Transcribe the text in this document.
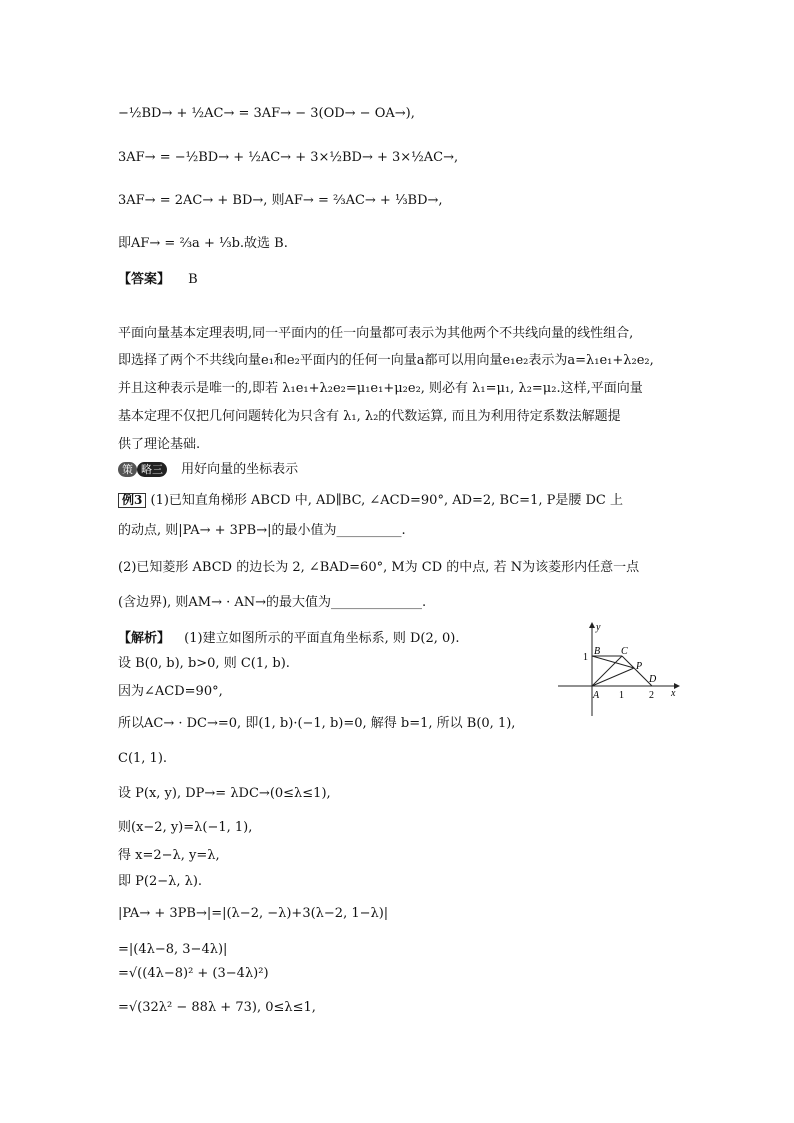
−½BD→ + ½AC→ = 3AF→ − 3(OD→ − OA→),
3AF→ = −½BD→ + ½AC→ + 3×½BD→ + 3×½AC→,
3AF→ = 2AC→ + BD→, 则AF→ = ⅔AC→ + ⅓BD→,
即AF→ = ⅔a + ⅓b.故选 B.
【答案】 B
平面向量基本定理表明,同一平面内的任一向量都可表示为其他两个不共线向量的线性组合,
即选择了两个不共线向量e₁和e₂平面内的任何一向量a都可以用向量e₁e₂表示为a=λ₁e₁+λ₂e₂,
并且这种表示是唯一的,即若 λ₁e₁+λ₂e₂=μ₁e₁+μ₂e₂, 则必有 λ₁=μ₁, λ₂=μ₂.这样,平面向量
基本定理不仅把几何问题转化为只含有 λ₁, λ₂的代数运算, 而且为利用待定系数法解题提
供了理论基础.
策 略三 用好向量的坐标表示
例3 (1)已知直角梯形 ABCD 中, AD∥BC, ∠ACD=90°, AD=2, BC=1, P是腰 DC 上
的动点, 则|PA→ + 3PB→|的最小值为__________.
(2)已知菱形 ABCD 的边长为 2, ∠BAD=60°, M为 CD 的中点, 若 N为该菱形内任意一点
(含边界), 则AM→ · AN→的最大值为______________.
【解析】 (1)建立如图所示的平面直角坐标系, 则 D(2, 0).
设 B(0, b), b>0, 则 C(1, b).
因为∠ACD=90°,
所以AC→ · DC→=0, 即(1, b)·(−1, b)=0, 解得 b=1, 所以 B(0, 1),
C(1, 1).
设 P(x, y), DP→= λDC→(0≤λ≤1),
则(x−2, y)=λ(−1, 1),
得 x=2−λ, y=λ,
即 P(2−λ, λ).
|PA→ + 3PB→|=|(λ−2, −λ)+3(λ−2, 1−λ)|
=|(4λ−8, 3−4λ)|
=√((4λ−8)² + (3−4λ)²)
=√(32λ² − 88λ + 73), 0≤λ≤1,
y
x
B C
P
D
A
1
1	2
